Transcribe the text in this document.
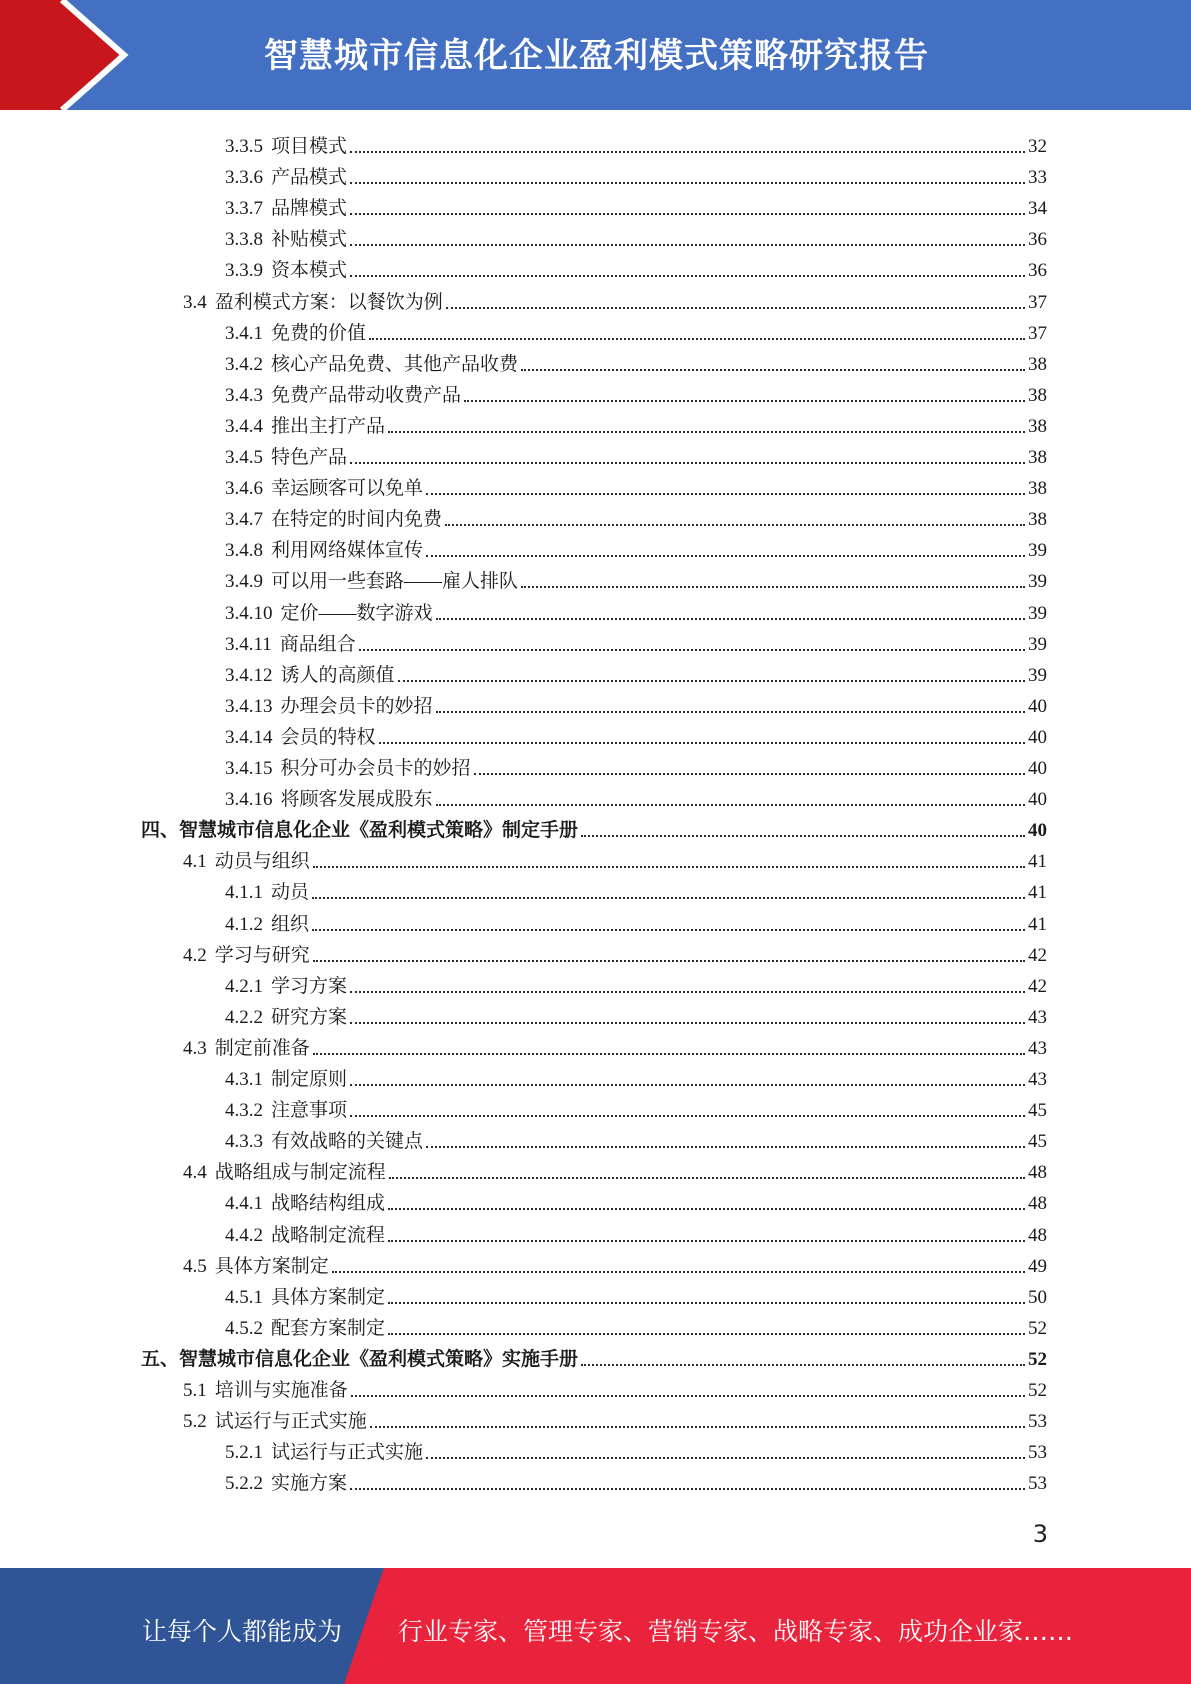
智慧城市信息化企业盈利模式策略研究报告
3.3.5 项目模式	32
3.3.6 产品模式	33
3.3.7 品牌模式	34
3.3.8 补贴模式	36
3.3.9 资本模式	36
3.4 盈利模式方案：以餐饮为例	37
3.4.1 免费的价值	37
3.4.2 核心产品免费、其他产品收费	38
3.4.3 免费产品带动收费产品	38
3.4.4 推出主打产品	38
3.4.5 特色产品	38
3.4.6 幸运顾客可以免单	38
3.4.7 在特定的时间内免费	38
3.4.8 利用网络媒体宣传	39
3.4.9 可以用一些套路——雇人排队	39
3.4.10 定价——数字游戏	39
3.4.11 商品组合	39
3.4.12 诱人的高颜值	39
3.4.13 办理会员卡的妙招	40
3.4.14 会员的特权	40
3.4.15 积分可办会员卡的妙招	40
3.4.16 将顾客发展成股东	40
四、 智慧城市信息化企业《盈利模式策略》制定手册	40
4.1 动员与组织	41
4.1.1 动员	41
4.1.2 组织	41
4.2 学习与研究	42
4.2.1 学习方案	42
4.2.2 研究方案	43
4.3 制定前准备	43
4.3.1 制定原则	43
4.3.2 注意事项	45
4.3.3 有效战略的关键点	45
4.4 战略组成与制定流程	48
4.4.1 战略结构组成	48
4.4.2 战略制定流程	48
4.5 具体方案制定	49
4.5.1 具体方案制定	50
4.5.2 配套方案制定	52
五、 智慧城市信息化企业《盈利模式策略》实施手册	52
5.1 培训与实施准备	52
5.2 试运行与正式实施	53
5.2.1 试运行与正式实施	53
5.2.2 实施方案	53
3
让每个人都能成为 行业专家、管理专家、营销专家、战略专家、成功企业家……
